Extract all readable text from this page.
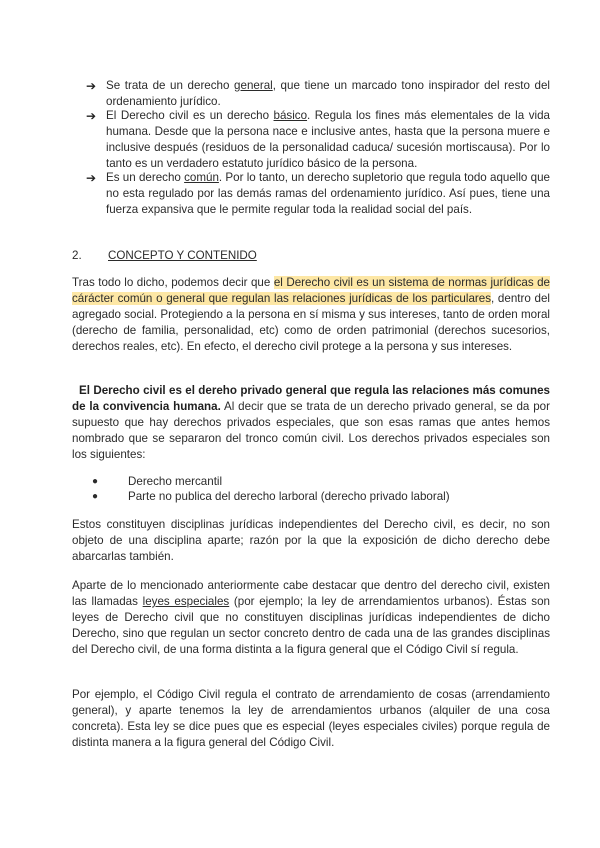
➔ Se trata de un derecho general, que tiene un marcado tono inspirador del resto del ordenamiento jurídico.
➔ El Derecho civil es un derecho básico. Regula los fines más elementales de la vida humana. Desde que la persona nace e inclusive antes, hasta que la persona muere e inclusive después (residuos de la personalidad caduca/ sucesión mortiscausa). Por lo tanto es un verdadero estatuto jurídico básico de la persona.
➔ Es un derecho común. Por lo tanto, un derecho supletorio que regula todo aquello que no esta regulado por las demás ramas del ordenamiento jurídico. Así pues, tiene una fuerza expansiva que le permite regular toda la realidad social del país.
2. CONCEPTO Y CONTENIDO
Tras todo lo dicho, podemos decir que el Derecho civil es un sistema de normas jurídicas de cárácter común o general que regulan las relaciones jurídicas de los particulares, dentro del agregado social. Protegiendo a la persona en sí misma y sus intereses, tanto de orden moral (derecho de familia, personalidad, etc) como de orden patrimonial (derechos sucesorios, derechos reales, etc). En efecto, el derecho civil protege a la persona y sus intereses.
El Derecho civil es el dereho privado general que regula las relaciones más comunes de la convivencia humana. Al decir que se trata de un derecho privado general, se da por supuesto que hay derechos privados especiales, que son esas ramas que antes hemos nombrado que se separaron del tronco común civil. Los derechos privados especiales son los siguientes:
●	Derecho mercantil
●	Parte no publica del derecho larboral (derecho privado laboral)
Estos constituyen disciplinas jurídicas independientes del Derecho civil, es decir, no son objeto de una disciplina aparte; razón por la que la exposición de dicho derecho debe abarcarlas también.
Aparte de lo mencionado anteriormente cabe destacar que dentro del derecho civil, existen las llamadas leyes especiales (por ejemplo; la ley de arrendamientos urbanos). Éstas son leyes de Derecho civil que no constituyen disciplinas jurídicas independientes de dicho Derecho, sino que regulan un sector concreto dentro de cada una de las grandes disciplinas del Derecho civil, de una forma distinta a la figura general que el Código Civil sí regula.
Por ejemplo, el Código Civil regula el contrato de arrendamiento de cosas (arrendamiento general), y aparte tenemos la ley de arrendamientos urbanos (alquiler de una cosa concreta). Esta ley se dice pues que es especial (leyes especiales civiles) porque regula de distinta manera a la figura general del Código Civil.
